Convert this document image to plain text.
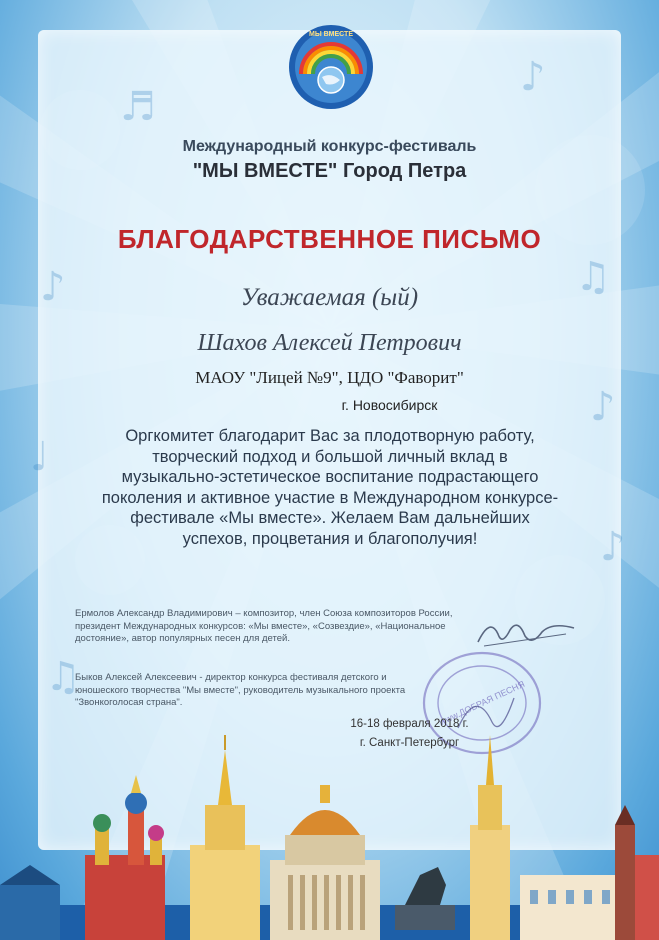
♪	♫
♪
♩
♪
♫
♬
♪
МЫ ВМЕСТЕ
Международный конкурс-фестиваль
"МЫ ВМЕСТЕ" Город Петра
БЛАГОДАРСТВЕННОЕ ПИСЬМО
Уважаемая (ый)
Шахов Алексей Петрович
МАОУ "Лицей №9", ЦДО "Фаворит"
г. Новосибирск
Оргкомитет благодарит Вас за плодотворную работу,
творческий подход и большой личный вклад в
музыкально-эстетическое воспитание подрастающего
поколения и активное участие в Международном конкурсе-
фестивале «Мы вместе». Желаем Вам дальнейших
успехов, процветания и благополучия!
Ермолов Александр Владимирович – композитор, член Союза композиторов России, президент Международных конкурсов: «Мы вместе», «Созвездие», «Национальное достояние», автор популярных песен для детей.
Быков Алексей Алексеевич - директор конкурса фестиваля детского и юношеского творчества "Мы вместе", руководитель музыкального проекта "Звонкоголосая страна".	www.ДОБРАЯ ПЕСНЯ
16-18 февраля 2018 г.
г. Санкт-Петербург
